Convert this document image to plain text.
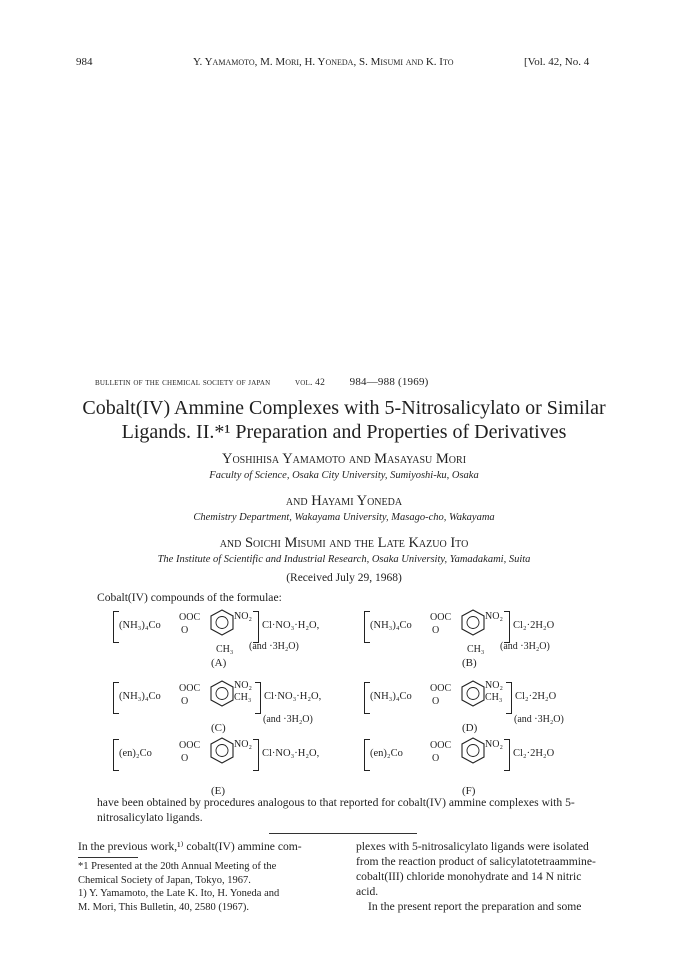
984	Y. Yamamoto, M. Mori, H. Yoneda, S. Misumi and K. Ito	[Vol. 42, No. 4
bulletin of the chemical society of japan	vol. 42 984—988 (1969)
Cobalt(IV) Ammine Complexes with 5-Nitrosalicylato or Similar
Ligands. II.*¹ Preparation and Properties of Derivatives
Yoshihisa Yamamoto and Masayasu Mori
Faculty of Science, Osaka City University, Sumiyoshi-ku, Osaka
and Hayami Yoneda
Chemistry Department, Wakayama University, Masago-cho, Wakayama
and Soichi Misumi and the Late Kazuo Ito
The Institute of Scientific and Industrial Research, Osaka University, Yamadakami, Suita
(Received July 29, 1968)
Cobalt(IV) compounds of the formulae:
(NH₃)₄Co
OOC
O
NO₂
CH₃
Cl·NO₃·H₂O,
(and ·3H₂O)
(A)
(NH₃)₄Co
OOC
O
NO₂
CH₃
Cl₂·2H₂O
(and ·3H₂O)
(B)
(NH₃)₄Co
OOC
O
NO₂
CH₃ Cl·NO₃·H₂O,
(and ·3H₂O)
(C)
(NH₃)₄Co
OOC
O
NO₂
CH₃ Cl₂·2H₂O
(and ·3H₂O)
(D)
(en)₂Co
OOC
O
NO₂
Cl·NO₃·H₂O,
(E)
(en)₂Co
OOC
O
NO₂
Cl₂·2H₂O
(F)
have been obtained by procedures analogous to that reported for cobalt(IV) ammine complexes with 5-nitrosalicylato ligands.
In the previous work,¹⁾ cobalt(IV) ammine com-
*1 Presented at the 20th Annual Meeting of the
Chemical Society of Japan, Tokyo, 1967.
1) Y. Yamamoto, the Late K. Ito, H. Yoneda and
M. Mori, This Bulletin, 40, 2580 (1967).
plexes with 5-nitrosalicylato ligands were isolated
from the reaction product of salicylatotetraammine-
cobalt(III) chloride monohydrate and 14 N nitric
acid.
In the present report the preparation and some
